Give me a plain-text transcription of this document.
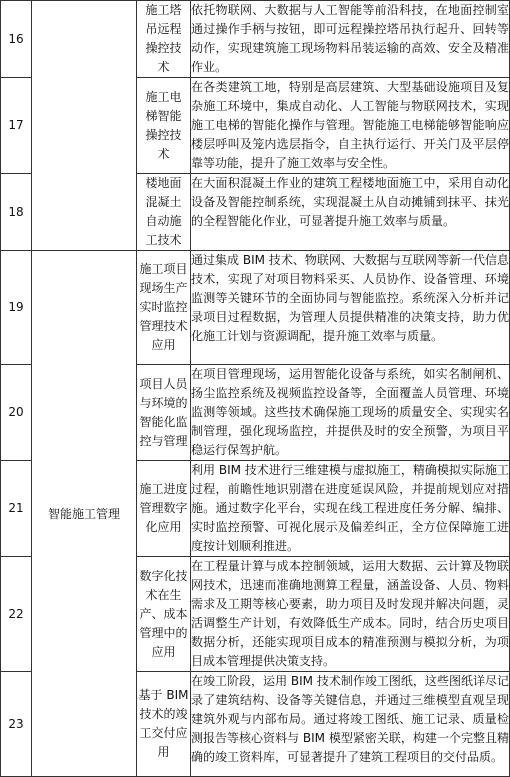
16		施工塔吊远程操控技术	依托物联网、大数据与人工智能等前沿科技，在地面控制室通过操作手柄与按钮，即可远程操控塔吊执行起升、回转等动作，实现建筑施工现场物料吊装运输的高效、安全及精准作业。
17		施工电梯智能操控技术	在各类建筑工地，特别是高层建筑、大型基础设施项目及复杂施工环境中，集成自动化、人工智能与物联网技术，实现施工电梯的智能化操作与管理。智能施工电梯能够智能响应楼层呼叫及笼内选层指令，自主执行运行、开关门及平层停靠等功能，提升了施工效率与安全性。
18		楼地面混凝土自动施工技术	在大面积混凝土作业的建筑工程楼地面施工中，采用自动化设备及智能控制系统，实现混凝土从自动摊铺到抹平、抹光的全程智能化作业，可显著提升施工效率与质量。
19	智能施工管理	施工项目现场生产实时监控管理技术应用	通过集成 BIM 技术、物联网、大数据与互联网等新一代信息技术，实现了对项目物料采买、人员协作、设备管理、环境监测等关键环节的全面协同与智能监控。系统深入分析并记录项目过程数据，为管理人员提供精准的决策支持，助力优化施工计划与资源调配，提升施工效率与质量。
20		项目人员与环境的智能化监控与管理	在项目管理现场，运用智能化设备与系统，如实名制闸机、扬尘监控系统及视频监控设备等，全面覆盖人员管理、环境监测等领域。这些技术确保施工现场的质量安全、实现实名制管理，强化现场监控，并提供及时的安全预警，为项目平稳运行保驾护航。
21		施工进度管理数字化应用	利用 BIM 技术进行三维建模与虚拟施工，精确模拟实际施工过程，前瞻性地识别潜在进度延误风险，并提前规划应对措施。通过数字化平台，实现在线工程进度任务分解、编排、实时监控预警、可视化展示及偏差纠正，全方位保障施工进度按计划顺利推进。
22		数字化技术在生产、成本管理中的应用	在工程量计算与成本控制领域，运用大数据、云计算及物联网技术，迅速而准确地测算工程量，涵盖设备、人员、物料需求及工期等核心要素，助力项目及时发现并解决问题，灵活调整生产计划，有效降低生产成本。同时，结合历史项目数据分析，还能实现项目成本的精准预测与模拟分析，为项目成本管理提供决策支持。
23		基于 BIM 技术的竣工交付应用	在竣工阶段，运用 BIM 技术制作竣工图纸，这些图纸详尽记录了建筑结构、设备等关键信息，并通过三维模型直观呈现建筑外观与内部布局。通过将竣工图纸、施工记录、质量检测报告等核心资料与 BIM 模型紧密关联，构建一个完整且精确的竣工资料库，可显著提升了建筑工程项目的交付品质。
